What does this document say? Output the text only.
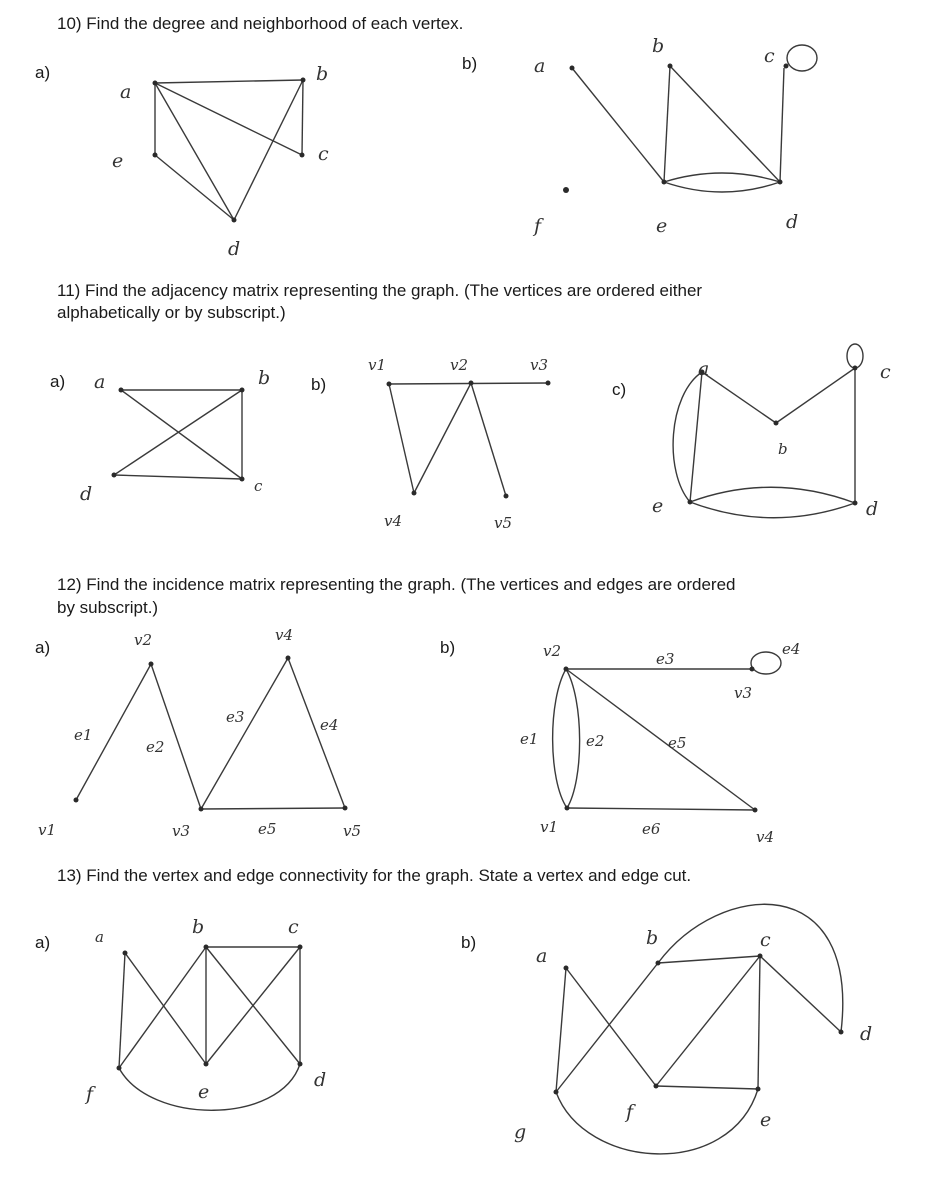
10) Find the degree and neighborhood of each vertex.
a)	b)
11) Find the adjacency matrix representing the graph. (The vertices are ordered either
alphabetically or by subscript.)
a)	b)	c)
12) Find the incidence matrix representing the graph. (The vertices and edges are ordered
by subscript.)
a)	b)
13) Find the vertex and edge connectivity for the graph. State a vertex and edge cut.
a)	b)
a
b
c
d
e
a
b	c
d
e
f
a	b
c
d
v1	v2	v3
v4	v5
a
b
c
d
e
v1
v2
v3
v4
v5
e1
e2
e3	e4
e5	v1
v2
v3
v4
e1	e2
e3
e4
e5
e6
a	b	c
d
e
f
a
b	c
d
e
f
g
